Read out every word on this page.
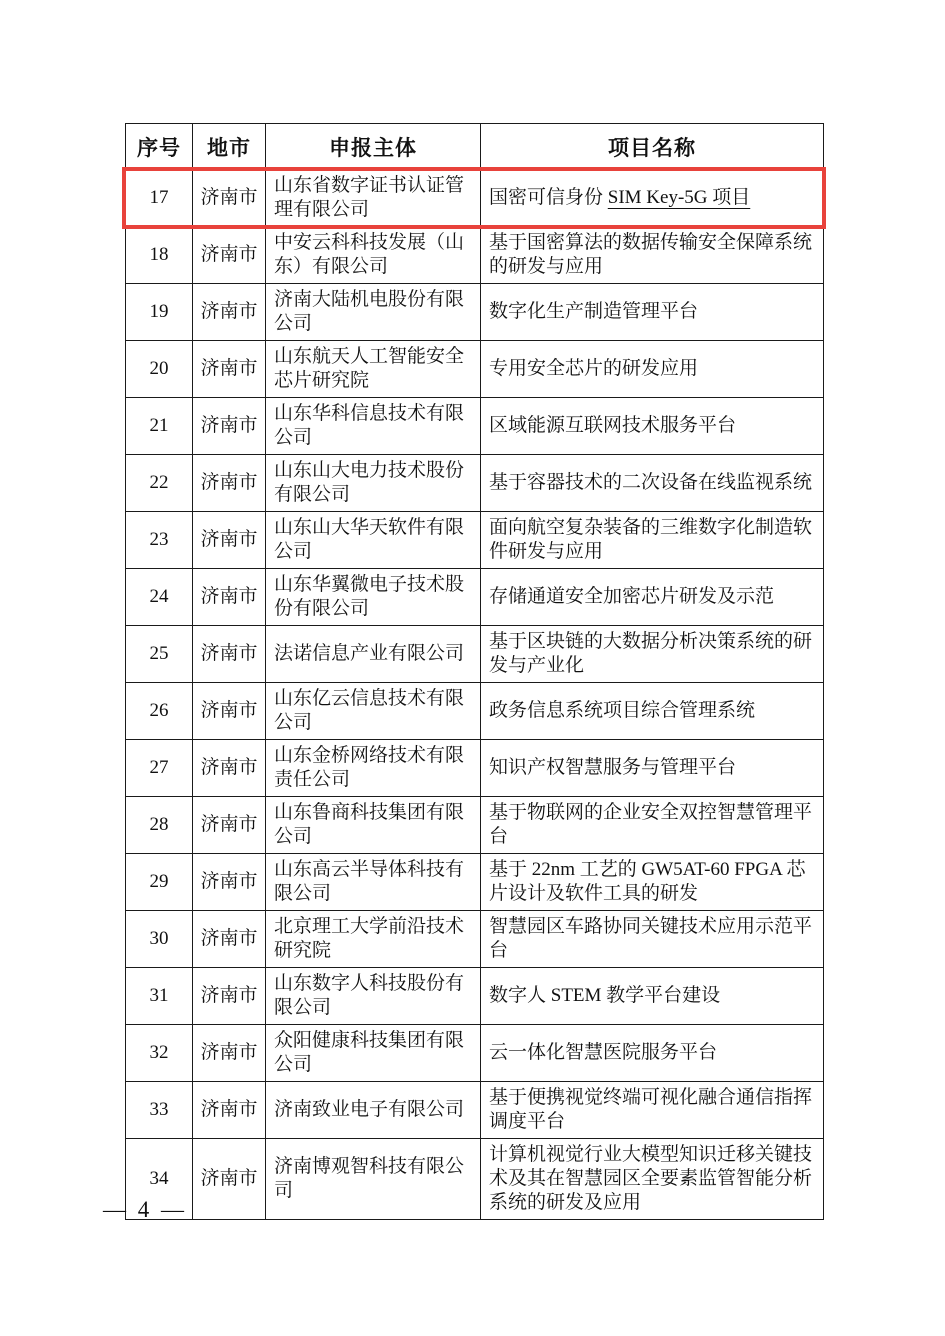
序号	地市	申报主体	项目名称
17	济南市	山东省数字证书认证管理有限公司	国密可信身份 SIM Key-5G 项目
18	济南市	中安云科科技发展（山东）有限公司	基于国密算法的数据传输安全保障系统的研发与应用
19	济南市	济南大陆机电股份有限公司	数字化生产制造管理平台
20	济南市	山东航天人工智能安全芯片研究院	专用安全芯片的研发应用
21	济南市	山东华科信息技术有限公司	区域能源互联网技术服务平台
22	济南市	山东山大电力技术股份有限公司	基于容器技术的二次设备在线监视系统
23	济南市	山东山大华天软件有限公司	面向航空复杂装备的三维数字化制造软件研发与应用
24	济南市	山东华翼微电子技术股份有限公司	存储通道安全加密芯片研发及示范
25	济南市	法诺信息产业有限公司	基于区块链的大数据分析决策系统的研发与产业化
26	济南市	山东亿云信息技术有限公司	政务信息系统项目综合管理系统
27	济南市	山东金桥网络技术有限责任公司	知识产权智慧服务与管理平台
28	济南市	山东鲁商科技集团有限公司	基于物联网的企业安全双控智慧管理平台
29	济南市	山东高云半导体科技有限公司	基于 22nm 工艺的 GW5AT-60 FPGA 芯片设计及软件工具的研发
30	济南市	北京理工大学前沿技术研究院	智慧园区车路协同关键技术应用示范平台
31	济南市	山东数字人科技股份有限公司	数字人 STEM 教学平台建设
32	济南市	众阳健康科技集团有限公司	云一体化智慧医院服务平台
33	济南市	济南致业电子有限公司	基于便携视觉终端可视化融合通信指挥调度平台
34	济南市	济南博观智科技有限公司	计算机视觉行业大模型知识迁移关键技术及其在智慧园区全要素监管智能分析系统的研发及应用
— 4 —
